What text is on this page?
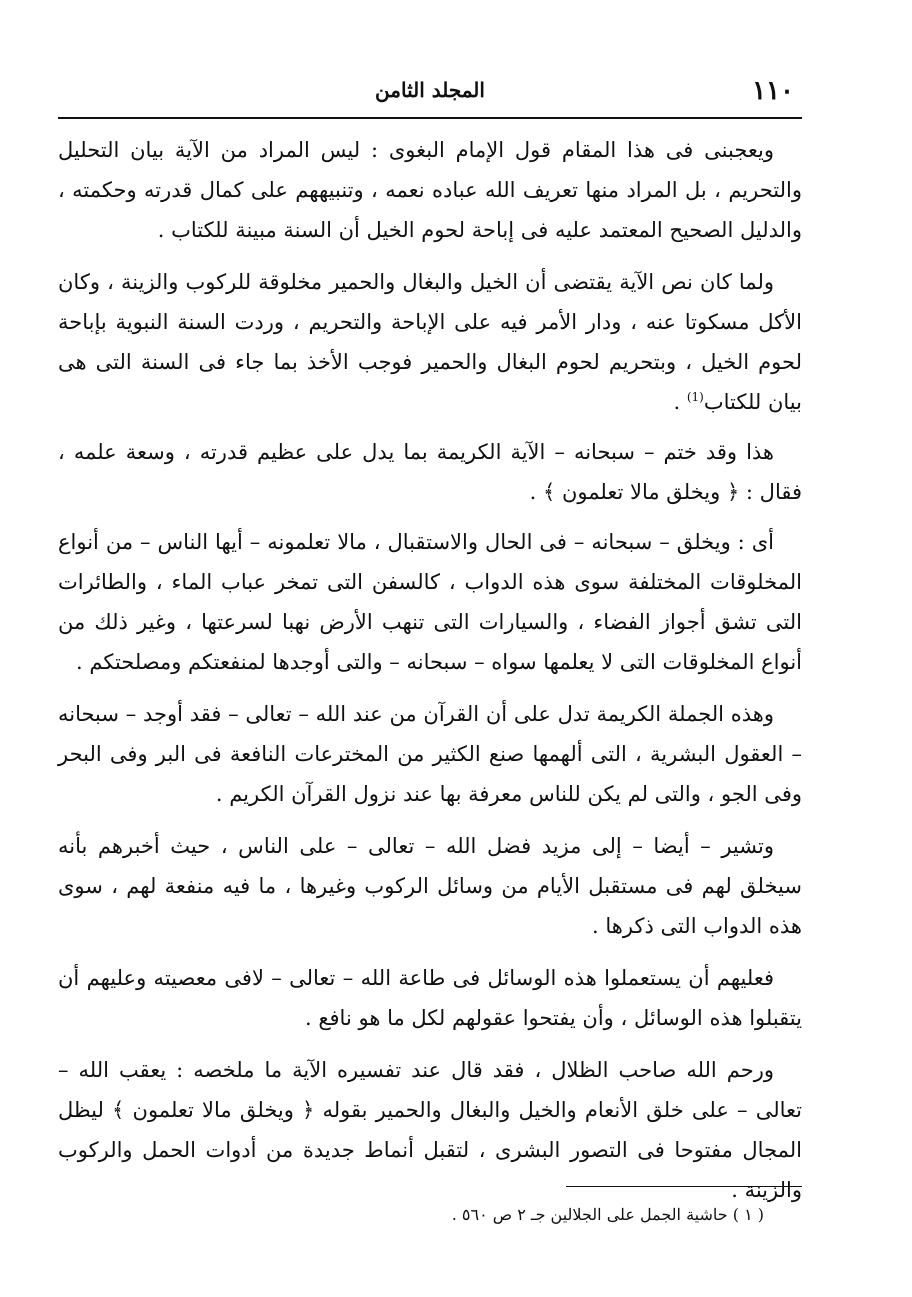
١١٠
المجلد الثامن

ويعجبنى فى هذا المقام قول الإمام البغوى : ليس المراد من الآية بيان التحليل والتحريم ، بل المراد منها تعريف الله عباده نعمه ، وتنبيههم على كمال قدرته وحكمته ، والدليل الصحيح المعتمد عليه فى إباحة لحوم الخيل أن السنة مبينة للكتاب .

ولما كان نص الآية يقتضى أن الخيل والبغال والحمير مخلوقة للركوب والزينة ، وكان الأكل مسكوتا عنه ، ودار الأمر فيه على الإباحة والتحريم ، وردت السنة النبوية بإباحة لحوم الخيل ، وبتحريم لحوم البغال والحمير فوجب الأخذ بما جاء فى السنة التى هى بيان للكتاب$^{(1)}$ .

هذا وقد ختم – سبحانه – الآية الكريمة بما يدل على عظيم قدرته ، وسعة علمه ، فقال : ﴿ ويخلق مالا تعلمون ﴾ .

أى : ويخلق – سبحانه – فى الحال والاستقبال ، مالا تعلمونه – أيها الناس – من أنواع المخلوقات المختلفة سوى هذه الدواب ، كالسفن التى تمخر عباب الماء ، والطائرات التى تشق أجواز الفضاء ، والسيارات التى تنهب الأرض نهبا لسرعتها ، وغير ذلك من أنواع المخلوقات التى لا يعلمها سواه – سبحانه – والتى أوجدها لمنفعتكم ومصلحتكم .

وهذه الجملة الكريمة تدل على أن القرآن من عند الله – تعالى – فقد أوجد – سبحانه – العقول البشرية ، التى ألهمها صنع الكثير من المخترعات النافعة فى البر وفى البحر وفى الجو ، والتى لم يكن للناس معرفة بها عند نزول القرآن الكريم .

وتشير – أيضا – إلى مزيد فضل الله – تعالى – على الناس ، حيث أخبرهم بأنه سيخلق لهم فى مستقبل الأيام من وسائل الركوب وغيرها ، ما فيه منفعة لهم ، سوى هذه الدواب التى ذكرها .

فعليهم أن يستعملوا هذه الوسائل فى طاعة الله – تعالى – لافى معصيته وعليهم أن يتقبلوا هذه الوسائل ، وأن يفتحوا عقولهم لكل ما هو نافع .

ورحم الله صاحب الظلال ، فقد قال عند تفسيره الآية ما ملخصه : يعقب الله – تعالى – على خلق الأنعام والخيل والبغال والحمير بقوله ﴿ ويخلق مالا تعلمون ﴾ ليظل المجال مفتوحا فى التصور البشرى ، لتقبل أنماط جديدة من أدوات الحمل والركوب والزينة .

( ١ ) حاشية الجمل على الجلالين جـ ٢ ص ٥٦٠ .
